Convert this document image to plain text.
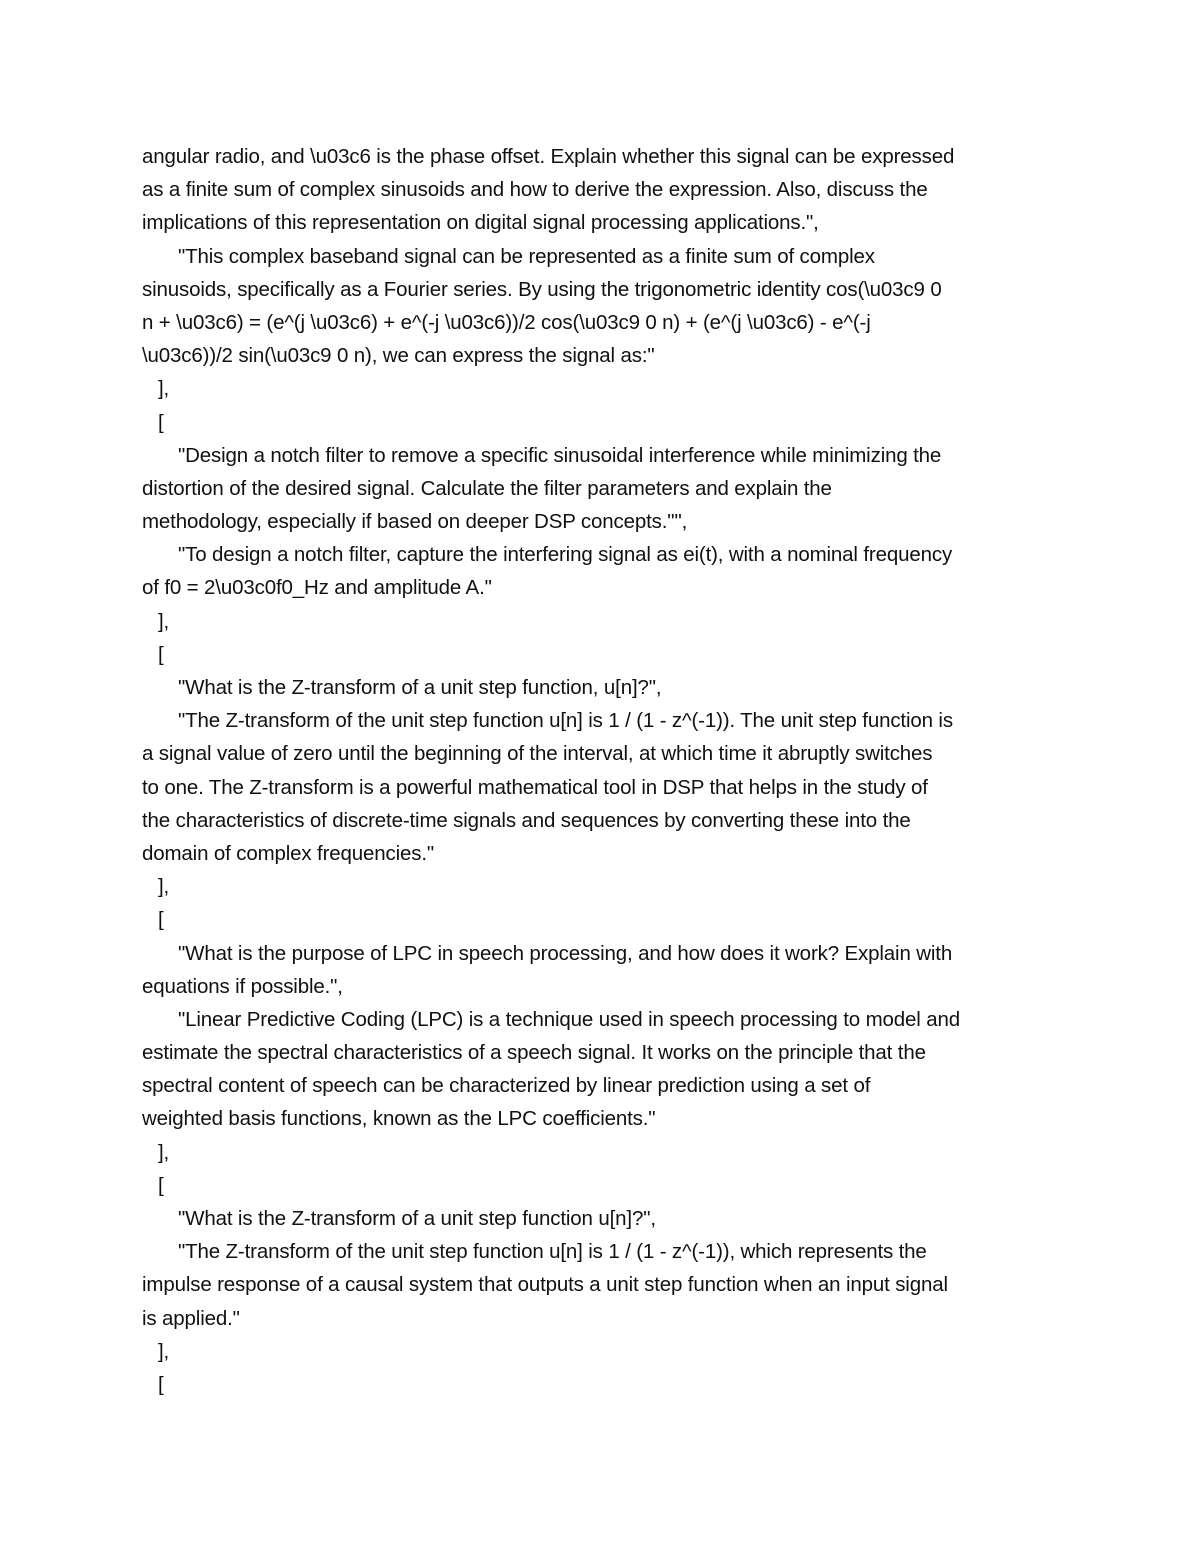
angular radio, and \u03c6 is the phase offset. Explain whether this signal can be expressed
as a finite sum of complex sinusoids and how to derive the expression. Also, discuss the
implications of this representation on digital signal processing applications.",
"This complex baseband signal can be represented as a finite sum of complex
sinusoids, specifically as a Fourier series. By using the trigonometric identity cos(\u03c9 0
n + \u03c6) = (e^(j \u03c6) + e^(-j \u03c6))/2 cos(\u03c9 0 n) + (e^(j \u03c6) - e^(-j
\u03c6))/2 sin(\u03c9 0 n), we can express the signal as:"
],
[
"Design a notch filter to remove a specific sinusoidal interference while minimizing the
distortion of the desired signal. Calculate the filter parameters and explain the
methodology, especially if based on deeper DSP concepts."",
"To design a notch filter, capture the interfering signal as ei(t), with a nominal frequency
of f0 = 2\u03c0f0_Hz and amplitude A."
],
[
"What is the Z-transform of a unit step function, u[n]?",
"The Z-transform of the unit step function u[n] is 1 / (1 - z^(-1)). The unit step function is
a signal value of zero until the beginning of the interval, at which time it abruptly switches
to one. The Z-transform is a powerful mathematical tool in DSP that helps in the study of
the characteristics of discrete-time signals and sequences by converting these into the
domain of complex frequencies."
],
[
"What is the purpose of LPC in speech processing, and how does it work? Explain with
equations if possible.",
"Linear Predictive Coding (LPC) is a technique used in speech processing to model and
estimate the spectral characteristics of a speech signal. It works on the principle that the
spectral content of speech can be characterized by linear prediction using a set of
weighted basis functions, known as the LPC coefficients."
],
[
"What is the Z-transform of a unit step function u[n]?",
"The Z-transform of the unit step function u[n] is 1 / (1 - z^(-1)), which represents the
impulse response of a causal system that outputs a unit step function when an input signal
is applied."
],
[
